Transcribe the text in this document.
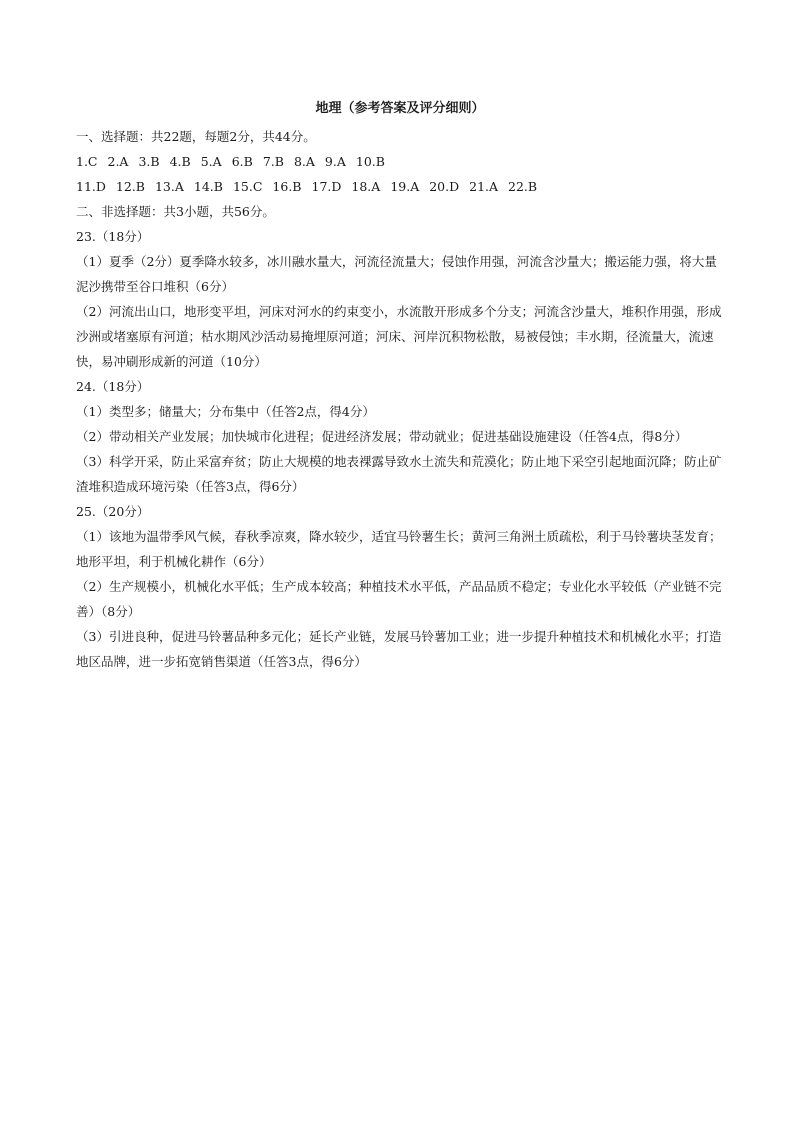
地理（参考答案及评分细则）
一、选择题：共22题，每题2分，共44分。
1.C 2.A 3.B 4.B 5.A 6.B 7.B 8.A 9.A 10.B
11.D 12.B 13.A 14.B 15.C 16.B 17.D 18.A 19.A 20.D 21.A 22.B
二、非选择题：共3小题，共56分。
23.（18分）
（1）夏季（2分）夏季降水较多，冰川融水量大，河流径流量大；侵蚀作用强，河流含沙量大；搬运能力强，将大量泥沙携带至谷口堆积（6分）
（2）河流出山口，地形变平坦，河床对河水的约束变小，水流散开形成多个分支；河流含沙量大，堆积作用强，形成沙洲或堵塞原有河道；枯水期风沙活动易掩埋原河道；河床、河岸沉积物松散，易被侵蚀；丰水期，径流量大，流速快，易冲刷形成新的河道（10分）
24.（18分）
（1）类型多；储量大；分布集中（任答2点，得4分）
（2）带动相关产业发展；加快城市化进程；促进经济发展；带动就业；促进基础设施建设（任答4点，得8分）
（3）科学开采，防止采富弃贫；防止大规模的地表裸露导致水土流失和荒漠化；防止地下采空引起地面沉降；防止矿渣堆积造成环境污染（任答3点，得6分）
25.（20分）
（1）该地为温带季风气候，春秋季凉爽，降水较少，适宜马铃薯生长；黄河三角洲土质疏松，利于马铃薯块茎发育；地形平坦，利于机械化耕作（6分）
（2）生产规模小，机械化水平低；生产成本较高；种植技术水平低，产品品质不稳定；专业化水平较低（产业链不完善）（8分）
（3）引进良种，促进马铃薯品种多元化；延长产业链，发展马铃薯加工业；进一步提升种植技术和机械化水平；打造地区品牌，进一步拓宽销售渠道（任答3点，得6分）
